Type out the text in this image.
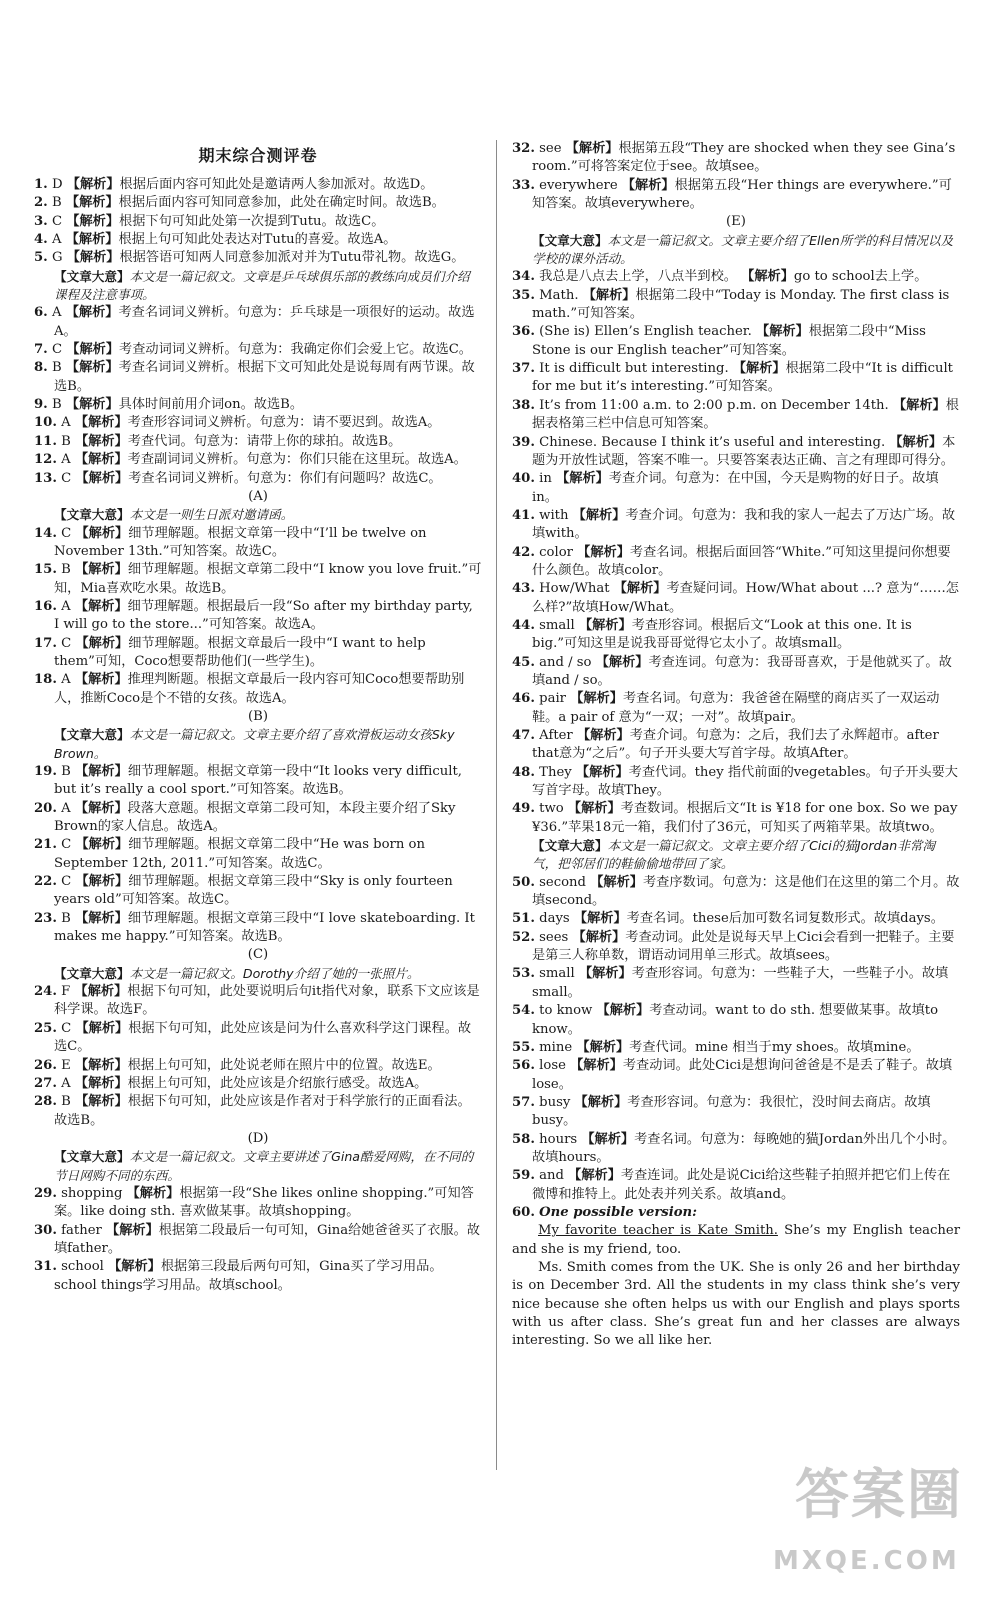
期末综合测评卷
1. D 【解析】根据后面内容可知此处是邀请两人参加派对。故选D。
2. B 【解析】根据后面内容可知同意参加，此处在确定时间。故选B。
3. C 【解析】根据下句可知此处第一次提到Tutu。故选C。
4. A 【解析】根据上句可知此处表达对Tutu的喜爱。故选A。
5. G 【解析】根据答语可知两人同意参加派对并为Tutu带礼物。故选G。
【文章大意】本文是一篇记叙文。文章是乒乓球俱乐部的教练向成员们介绍课程及注意事项。
6. A 【解析】考查名词词义辨析。句意为：乒乓球是一项很好的运动。故选A。
7. C 【解析】考查动词词义辨析。句意为：我确定你们会爱上它。故选C。
8. B 【解析】考查名词词义辨析。根据下文可知此处是说每周有两节课。故选B。
9. B 【解析】具体时间前用介词on。故选B。
10. A 【解析】考查形容词词义辨析。句意为：请不要迟到。故选A。
11. B 【解析】考查代词。句意为：请带上你的球拍。故选B。
12. A 【解析】考查副词词义辨析。句意为：你们只能在这里玩。故选A。
13. C 【解析】考查名词词义辨析。句意为：你们有问题吗？故选C。
(A)
【文章大意】本文是一则生日派对邀请函。
14. C 【解析】细节理解题。根据文章第一段中“I’ll be twelve on November 13th.”可知答案。故选C。
15. B 【解析】细节理解题。根据文章第二段中“I know you love fruit.”可知，Mia喜欢吃水果。故选B。
16. A 【解析】细节理解题。根据最后一段“So after my birthday party, I will go to the store...”可知答案。故选A。
17. C 【解析】细节理解题。根据文章最后一段中“I want to help them”可知，Coco想要帮助他们(一些学生)。
18. A 【解析】推理判断题。根据文章最后一段内容可知Coco想要帮助别人，推断Coco是个不错的女孩。故选A。
(B)
【文章大意】本文是一篇记叙文。文章主要介绍了喜欢滑板运动女孩Sky Brown。
19. B 【解析】细节理解题。根据文章第一段中“It looks very difficult, but it’s really a cool sport.”可知答案。故选B。
20. A 【解析】段落大意题。根据文章第二段可知，本段主要介绍了Sky Brown的家人信息。故选A。
21. C 【解析】细节理解题。根据文章第二段中“He was born on September 12th, 2011.”可知答案。故选C。
22. C 【解析】细节理解题。根据文章第三段中“Sky is only fourteen years old”可知答案。故选C。
23. B 【解析】细节理解题。根据文章第三段中“I love skateboarding. It makes me happy.”可知答案。故选B。
(C)
【文章大意】本文是一篇记叙文。Dorothy介绍了她的一张照片。
24. F 【解析】根据下句可知，此处要说明后句it指代对象，联系下文应该是科学课。故选F。
25. C 【解析】根据下句可知，此处应该是问为什么喜欢科学这门课程。故选C。
26. E 【解析】根据上句可知，此处说老师在照片中的位置。故选E。
27. A 【解析】根据上句可知，此处应该是介绍旅行感受。故选A。
28. B 【解析】根据下句可知，此处应该是作者对于科学旅行的正面看法。故选B。
(D)
【文章大意】本文是一篇记叙文。文章主要讲述了Gina酷爱网购，在不同的节日网购不同的东西。
29. shopping 【解析】根据第一段“She likes online shopping.”可知答案。like doing sth. 喜欢做某事。故填shopping。
30. father 【解析】根据第二段最后一句可知，Gina给她爸爸买了衣服。故填father。
31. school 【解析】根据第三段最后两句可知，Gina买了学习用品。school things学习用品。故填school。
32. see 【解析】根据第五段“They are shocked when they see Gina’s room.”可将答案定位于see。故填see。
33. everywhere 【解析】根据第五段“Her things are everywhere.”可知答案。故填everywhere。
(E)
【文章大意】本文是一篇记叙文。文章主要介绍了Ellen所学的科目情况以及学校的课外活动。
34. 我总是八点去上学，八点半到校。 【解析】go to school去上学。
35. Math. 【解析】根据第二段中“Today is Monday. The first class is math.”可知答案。
36. (She is) Ellen’s English teacher. 【解析】根据第二段中“Miss Stone is our English teacher”可知答案。
37. It is difficult but interesting. 【解析】根据第二段中“It is difficult for me but it’s interesting.”可知答案。
38. It’s from 11:00 a.m. to 2:00 p.m. on December 14th. 【解析】根据表格第三栏中信息可知答案。
39. Chinese. Because I think it’s useful and interesting. 【解析】本题为开放性试题，答案不唯一。只要答案表达正确、言之有理即可得分。
40. in 【解析】考查介词。句意为：在中国，今天是购物的好日子。故填in。
41. with 【解析】考查介词。句意为：我和我的家人一起去了万达广场。故填with。
42. color 【解析】考查名词。根据后面回答“White.”可知这里提问你想要什么颜色。故填color。
43. How/What 【解析】考查疑问词。How/What about ...? 意为“……怎么样?”故填How/What。
44. small 【解析】考查形容词。根据后文“Look at this one. It is big.”可知这里是说我哥哥觉得它太小了。故填small。
45. and / so 【解析】考查连词。句意为：我哥哥喜欢，于是他就买了。故填and / so。
46. pair 【解析】考查名词。句意为：我爸爸在隔壁的商店买了一双运动鞋。a pair of 意为“一双；一对”。故填pair。
47. After 【解析】考查介词。句意为：之后，我们去了永辉超市。after that意为“之后”。句子开头要大写首字母。故填After。
48. They 【解析】考查代词。they 指代前面的vegetables。句子开头要大写首字母。故填They。
49. two 【解析】考查数词。根据后文“It is ¥18 for one box. So we pay ¥36.”苹果18元一箱，我们付了36元，可知买了两箱苹果。故填two。
【文章大意】本文是一篇记叙文。文章主要介绍了Cici的猫Jordan非常淘气，把邻居们的鞋偷偷地带回了家。
50. second 【解析】考查序数词。句意为：这是他们在这里的第二个月。故填second。
51. days 【解析】考查名词。these后加可数名词复数形式。故填days。
52. sees 【解析】考查动词。此处是说每天早上Cici会看到一把鞋子。主要是第三人称单数，谓语动词用单三形式。故填sees。
53. small 【解析】考查形容词。句意为：一些鞋子大，一些鞋子小。故填small。
54. to know 【解析】考查动词。want to do sth. 想要做某事。故填to know。
55. mine 【解析】考查代词。mine 相当于my shoes。故填mine。
56. lose 【解析】考查动词。此处Cici是想询问爸爸是不是丢了鞋子。故填lose。
57. busy 【解析】考查形容词。句意为：我很忙，没时间去商店。故填busy。
58. hours 【解析】考查名词。句意为：每晚她的猫Jordan外出几个小时。故填hours。
59. and 【解析】考查连词。此处是说Cici给这些鞋子拍照并把它们上传在微博和推特上。此处表并列关系。故填and。
60. One possible version:
My favorite teacher is Kate Smith. She’s my English teacher and she is my friend, too.
Ms. Smith comes from the UK. She is only 26 and her birthday is on December 3rd. All the students in my class think she’s very nice because she often helps us with our English and plays sports with us after class. She’s great fun and her classes are always interesting. So we all like her.
答案圈
MXQE.COM
